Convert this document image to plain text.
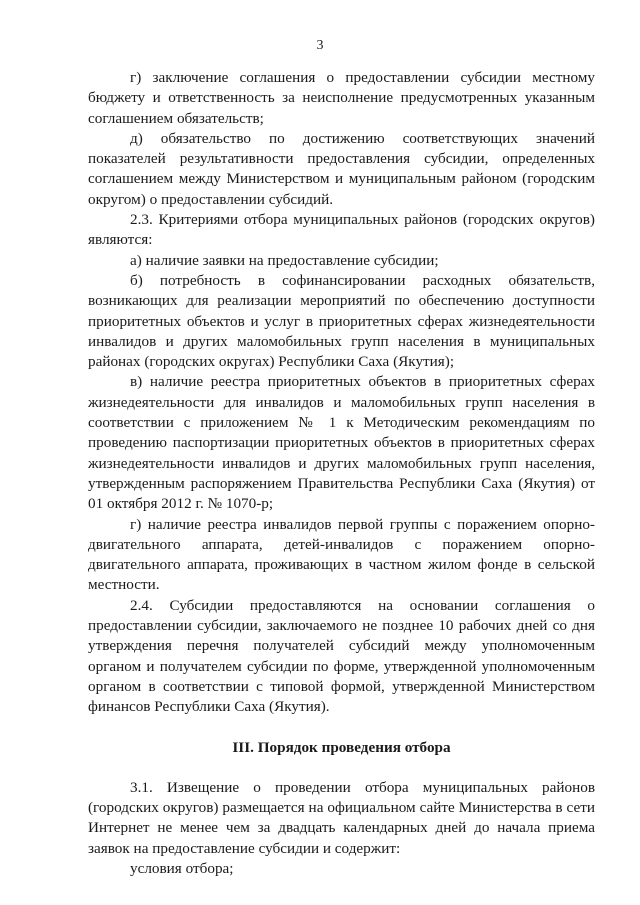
3

г) заключение соглашения о предоставлении субсидии местному бюджету и ответственность за неисполнение предусмотренных указанным соглашением обязательств;

д) обязательство по достижению соответствующих значений показателей результативности предоставления субсидии, определенных соглашением между Министерством и муниципальным районом (городским округом) о предоставлении субсидий.

2.3. Критериями отбора муниципальных районов (городских округов) являются:

а) наличие заявки на предоставление субсидии;

б) потребность в софинансировании расходных обязательств, возникающих для реализации мероприятий по обеспечению доступности приоритетных объектов и услуг в приоритетных сферах жизнедеятельности инвалидов и других маломобильных групп населения в муниципальных районах (городских округах) Республики Саха (Якутия);

в) наличие реестра приоритетных объектов в приоритетных сферах жизнедеятельности для инвалидов и маломобильных групп населения в соответствии с приложением № 1 к Методическим рекомендациям по проведению паспортизации приоритетных объектов в приоритетных сферах жизнедеятельности инвалидов и других маломобильных групп населения, утвержденным распоряжением Правительства Республики Саха (Якутия) от 01 октября 2012 г. № 1070-р;

г) наличие реестра инвалидов первой группы с поражением опорно-двигательного аппарата, детей-инвалидов с поражением опорно-двигательного аппарата, проживающих в частном жилом фонде в сельской местности.

2.4. Субсидии предоставляются на основании соглашения о предоставлении субсидии, заключаемого не позднее 10 рабочих дней со дня утверждения перечня получателей субсидий между уполномоченным органом и получателем субсидии по форме, утвержденной уполномоченным органом в соответствии с типовой формой, утвержденной Министерством финансов Республики Саха (Якутия).

III. Порядок проведения отбора

3.1. Извещение о проведении отбора муниципальных районов (городских округов) размещается на официальном сайте Министерства в сети Интернет не менее чем за двадцать календарных дней до начала приема заявок на предоставление субсидии и содержит:

условия отбора;
